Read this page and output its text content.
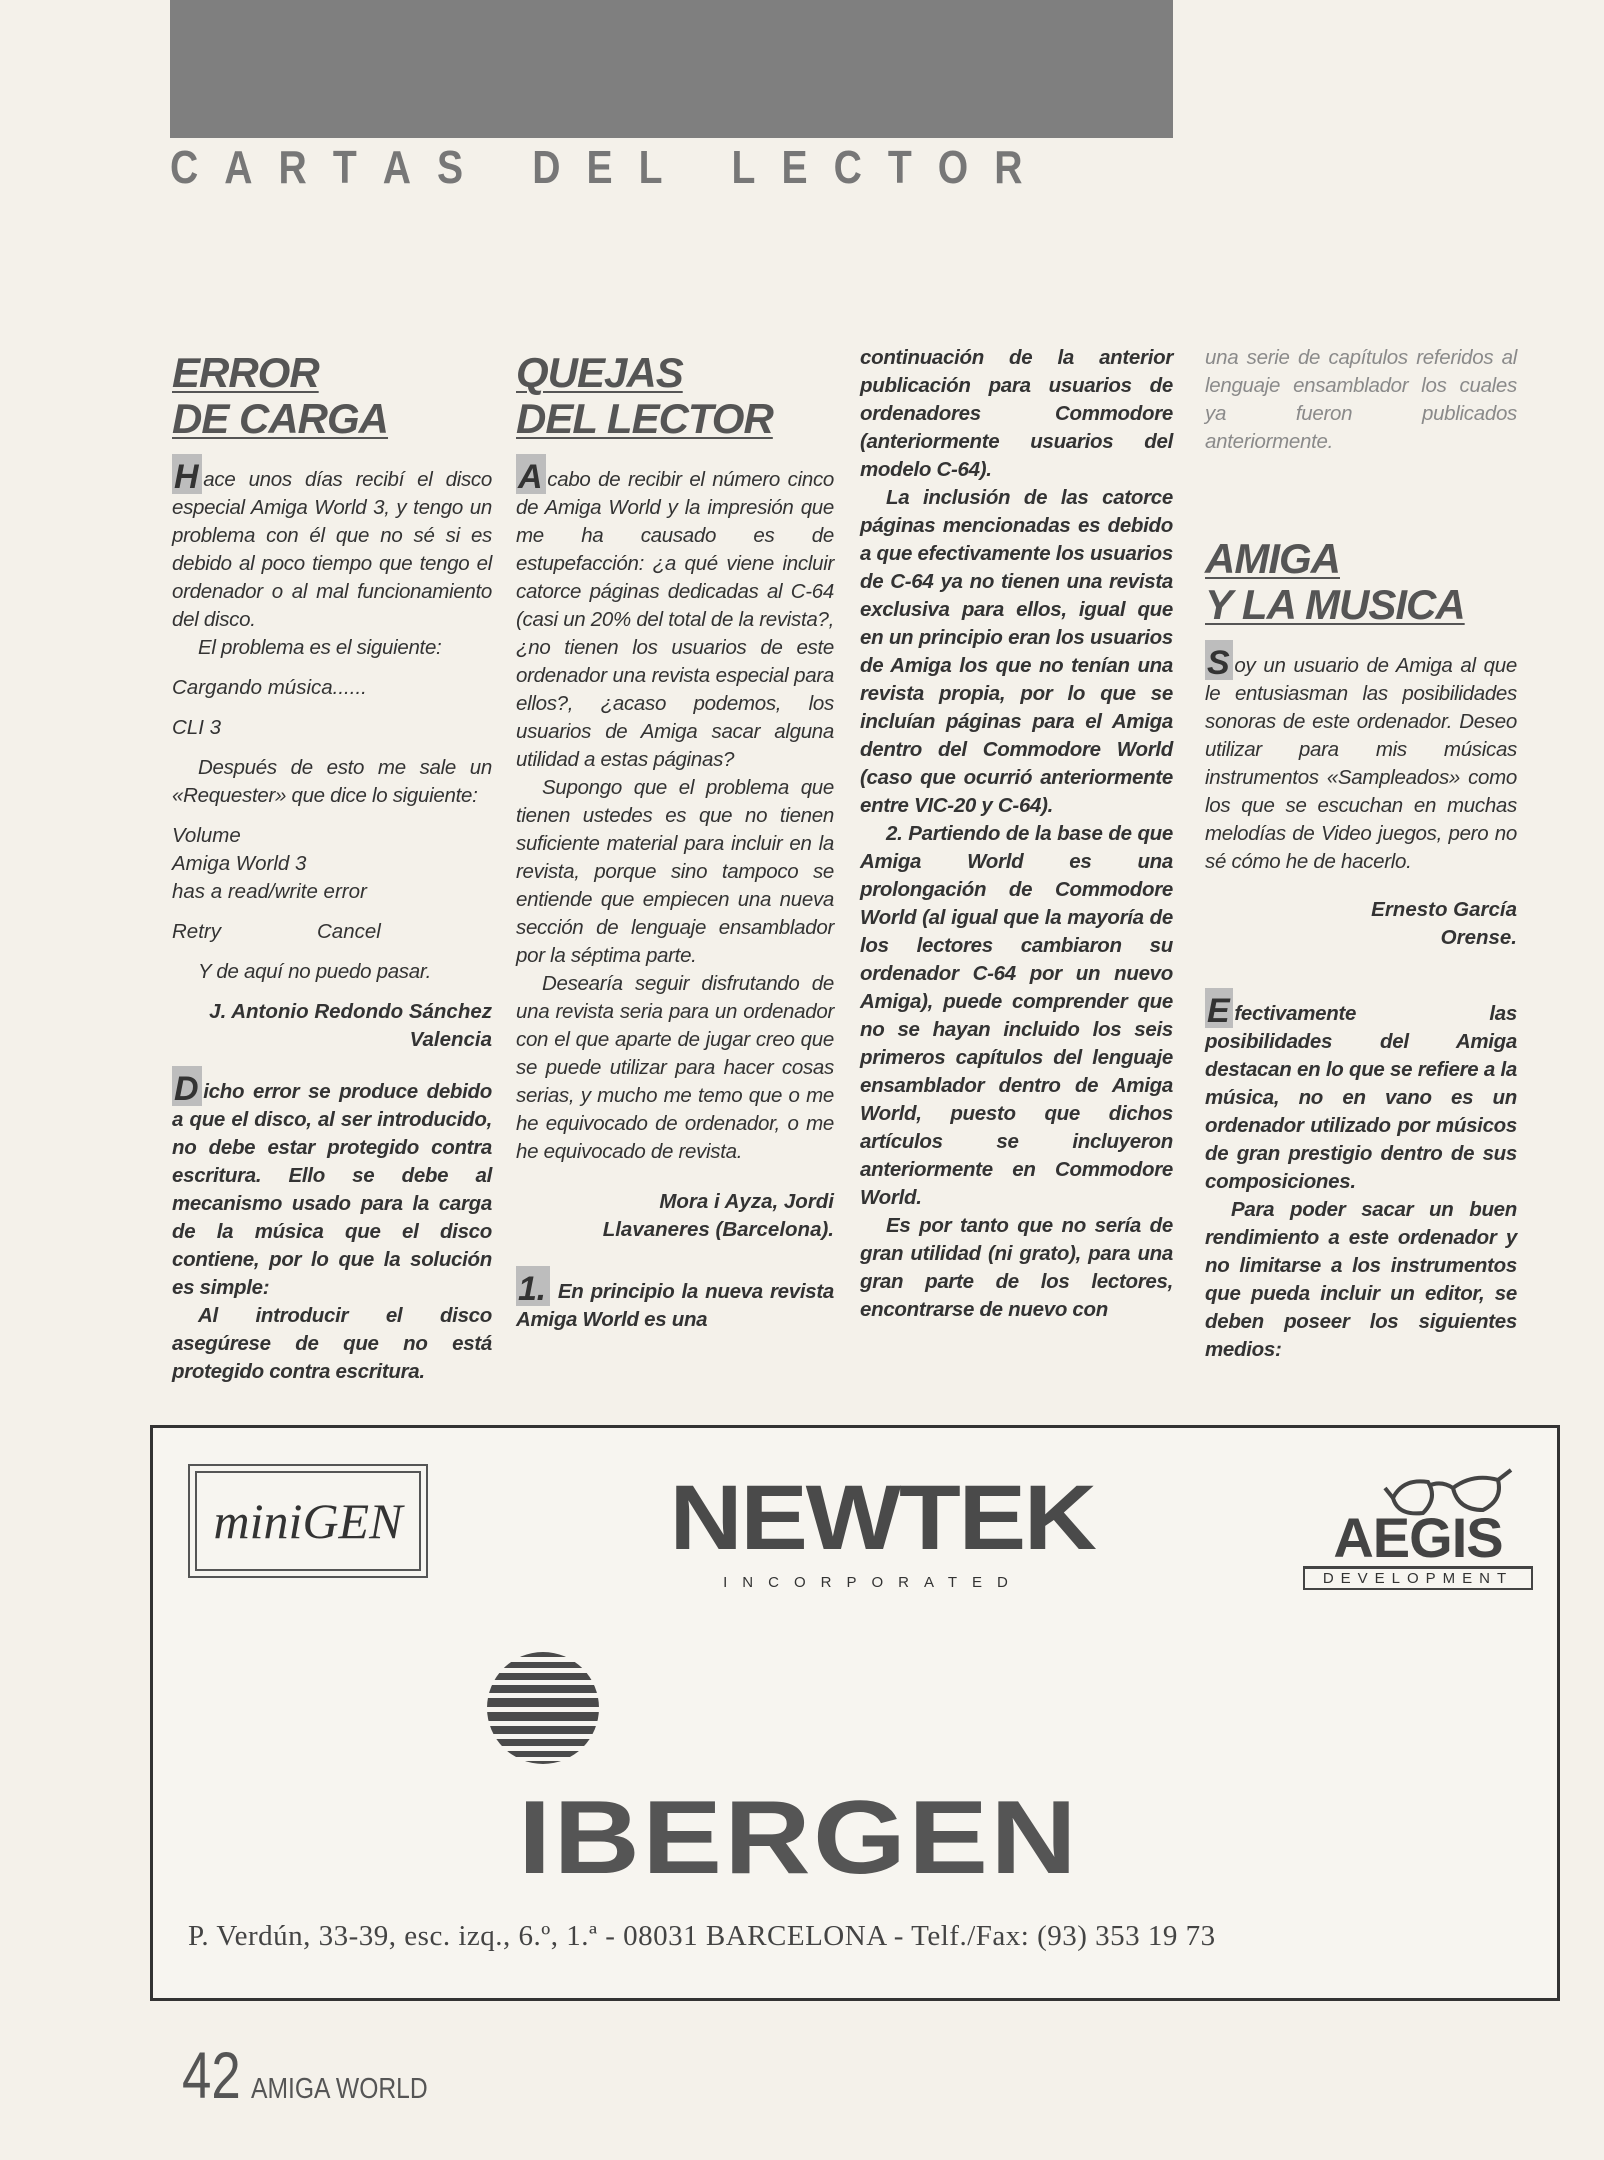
C A R T A S D E L L E C T O R
ERROR
DE CARGA

H ace unos días recibí el disco especial Amiga World 3, y tengo un problema con él que no sé si es debido al poco tiempo que tengo el ordenador o al mal funcionamiento del disco.

El problema es el siguiente:

Cargando música......

CLI 3

Después de esto me sale un «Requester» que dice lo siguiente:

Volume

Amiga World 3

has a read/write error

Retry	Cancel

Y de aquí no puedo pasar.

J. Antonio Redondo Sánchez

Valencia

D icho error se produce debido a que el disco, al ser introducido, no debe estar protegido contra escritura. Ello se debe al mecanismo usado para la carga de la música que el disco contiene, por lo que la solución es simple:

Al introducir el disco asegúrese de que no está protegido contra escritura.

QUEJAS
DEL LECTOR

A cabo de recibir el número cinco de Amiga World y la impresión que me ha causado es de estupefacción: ¿a qué viene incluir catorce páginas dedicadas al C-64 (casi un 20% del total de la revista?, ¿no tienen los usuarios de este ordenador una revista especial para ellos?, ¿acaso podemos, los usuarios de Amiga sacar alguna utilidad a estas páginas?

Supongo que el problema que tienen ustedes es que no tienen suficiente material para incluir en la revista, porque sino tampoco se entiende que empiecen una nueva sección de lenguaje ensamblador por la séptima parte.

Desearía seguir disfrutando de una revista seria para un ordenador con el que aparte de jugar creo que se puede utilizar para hacer cosas serias, y mucho me temo que o me he equivocado de ordenador, o me he equivocado de revista.

Mora i Ayza, Jordi

Llavaneres (Barcelona).

1. En principio la nueva revista Amiga World es una

continuación de la anterior publicación para usuarios de ordenadores Commodore (anteriormente usuarios del modelo C-64).

La inclusión de las catorce páginas mencionadas es debido a que efectivamente los usuarios de C-64 ya no tienen una revista exclusiva para ellos, igual que en un principio eran los usuarios de Amiga los que no tenían una revista propia, por lo que se incluían páginas para el Amiga dentro del Commodore World (caso que ocurrió anteriormente entre VIC-20 y C-64).

2. Partiendo de la base de que Amiga World es una prolongación de Commodore World (al igual que la mayoría de los lectores cambiaron su ordenador C-64 por un nuevo Amiga), puede comprender que no se hayan incluido los seis primeros capítulos del lenguaje ensamblador dentro de Amiga World, puesto que dichos artículos se incluyeron anteriormente en Commodore World.

Es por tanto que no sería de gran utilidad (ni grato), para una gran parte de los lectores, encontrarse de nuevo con

una serie de capítulos referidos al lenguaje ensamblador los cuales ya fueron publicados anteriormente.

AMIGA
Y LA MUSICA

S oy un usuario de Amiga al que le entusiasman las posibilidades sonoras de este ordenador. Deseo utilizar para mis músicas instrumentos «Sampleados» como los que se escuchan en muchas melodías de Video juegos, pero no sé cómo he de hacerlo.

Ernesto García

Orense.

E fectivamente las posibilidades del Amiga destacan en lo que se refiere a la música, no en vano es un ordenador utilizado por músicos de gran prestigio dentro de sus composiciones.

Para poder sacar un buen rendimiento a este ordenador y no limitarse a los instrumentos que pueda incluir un editor, se deben poseer los siguientes medios:

miniGEN	NEWTEK
INCORPORATED
AEGIS
DEVELOPMENT
IBERGEN
P. Verdún, 33-39, esc. izq., 6.º, 1.ª - 08031 BARCELONA - Telf./Fax: (93) 353 19 73
42 AMIGA WORLD
